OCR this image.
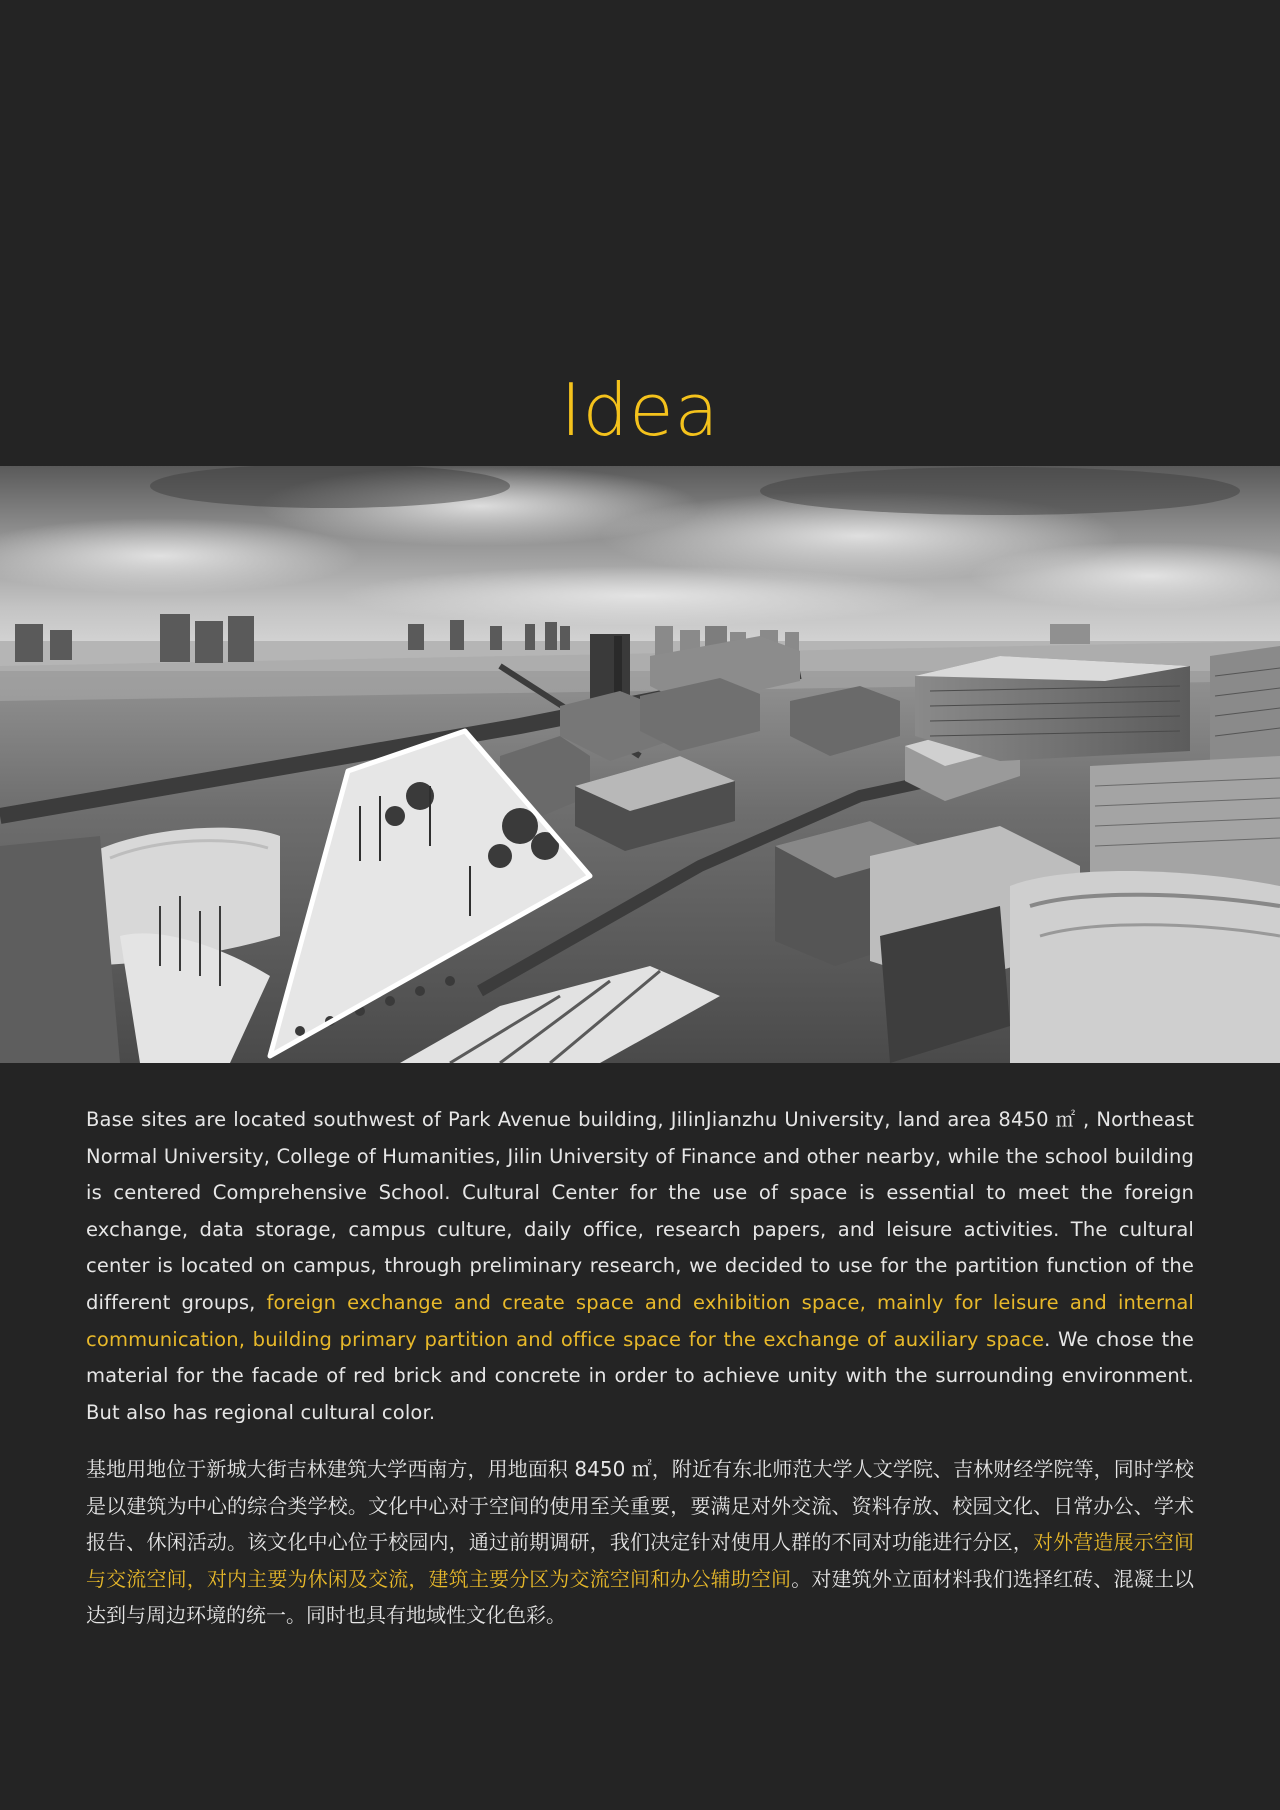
Idea

Base sites are located southwest of Park Avenue building, JilinJianzhu University, land area 8450 ㎡ , Northeast Normal University, College of Humanities, Jilin University of Finance and other nearby, while the school building is centered Comprehensive School. Cultural Center for the use of space is essential to meet the foreign exchange, data storage, campus culture, daily office, research papers, and leisure activities. The cultural center is located on campus, through preliminary research, we decided to use for the partition function of the different groups, foreign exchange and create space and exhibition space, mainly for leisure and internal communication, building primary partition and office space for the exchange of auxiliary space. We chose the material for the facade of red brick and concrete in order to achieve unity with the surrounding environment. But also has regional cultural color.

基地用地位于新城大街吉林建筑大学西南方，用地面积 8450 ㎡，附近有东北师范大学人文学院、吉林财经学院等，同时学校是以建筑为中心的综合类学校。文化中心对于空间的使用至关重要，要满足对外交流、资料存放、校园文化、日常办公、学术报告、休闲活动。该文化中心位于校园内，通过前期调研，我们决定针对使用人群的不同对功能进行分区，对外营造展示空间与交流空间，对内主要为休闲及交流，建筑主要分区为交流空间和办公辅助空间。对建筑外立面材料我们选择红砖、混凝土以达到与周边环境的统一。同时也具有地域性文化色彩。
